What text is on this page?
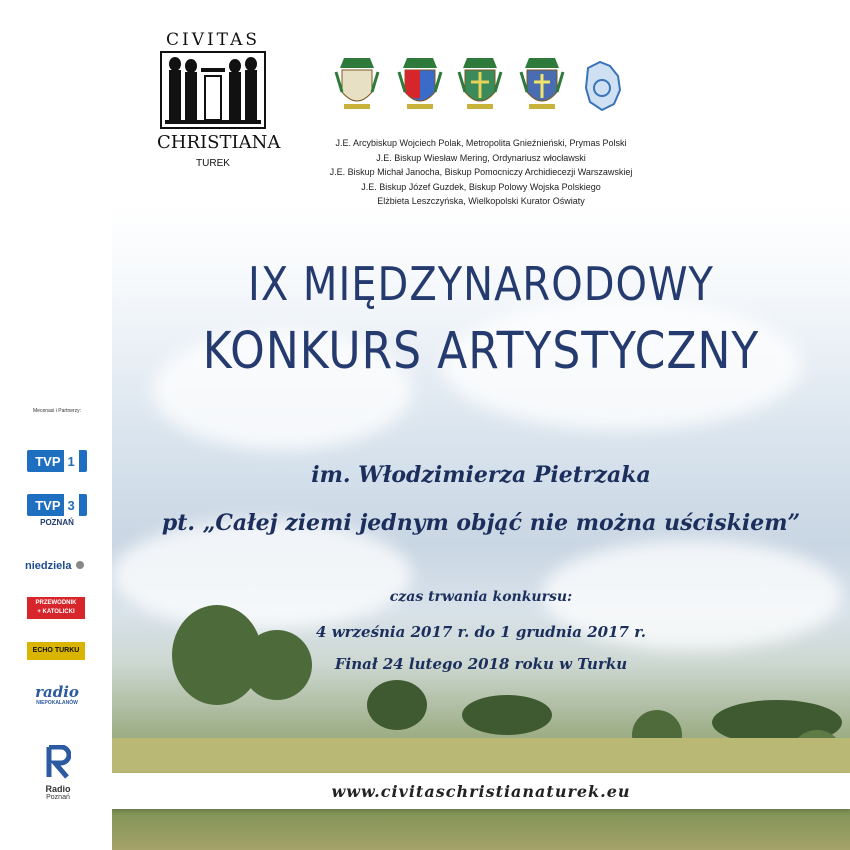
Mecenasi i Partnerzy:
TVP 1
TVP 3
POZNAŃ
niedziela
PRZEWODNIK
+ KATOLICKI
ECHO TURKU
radio
NIEPOKALANÓW
Radio
Poznań
CIVITAS
CHRISTIANA
TUREK
J.E. Arcybiskup Wojciech Polak, Metropolita Gnieźnieński, Prymas Polski
J.E. Biskup Wiesław Mering, Ordynariusz włocławski
J.E. Biskup Michał Janocha, Biskup Pomocniczy Archidiecezji Warszawskiej
J.E. Biskup Józef Guzdek, Biskup Polowy Wojska Polskiego
Elżbieta Leszczyńska, Wielkopolski Kurator Oświaty
IX MIĘDZYNARODOWY
KONKURS ARTYSTYCZNY
im. Włodzimierza Pietrzaka
pt. „Całej ziemi jednym objąć nie można uściskiem”
czas trwania konkursu:
4 września 2017 r. do 1 grudnia 2017 r.
Finał 24 lutego 2018 roku w Turku
www.civitaschristianaturek.eu
